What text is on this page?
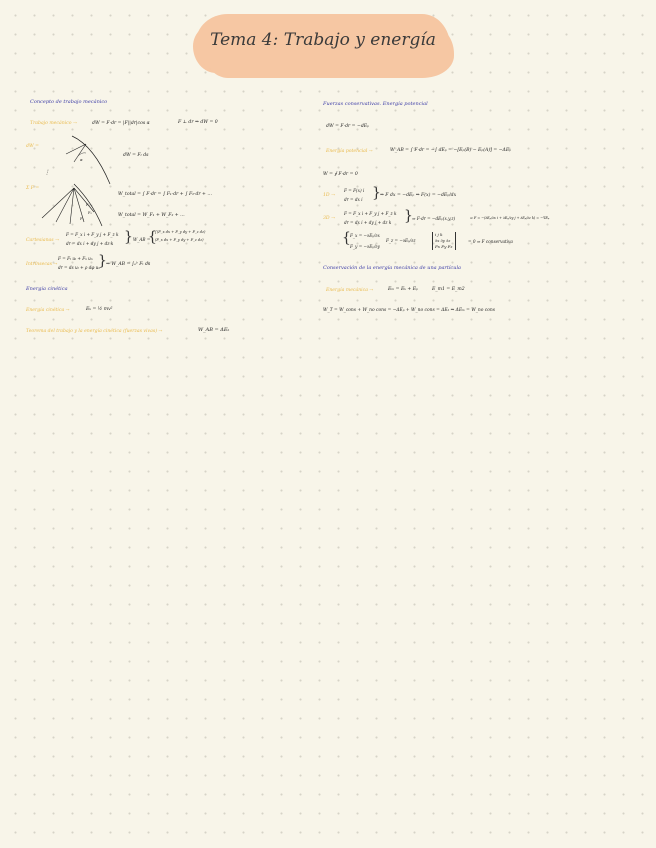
Tema 4: Trabajo y energía
Concepto de trabajo mecánico
Trabajo mecánico →	dW = F·dr = |F||dr|cos α	F ⊥ dr ⇒ dW = 0
dW =
α
dW = Fₜ ds
⋮
Σ F =
F₁
F₂
F₃
W_total = ∫ F·dr = ∫ F₁·dr + ∫ F₂·dr + …
W_total = W_F₁ + W_F₂ + …
Cartesianas →
F = F_x i + F_y j + F_z k
dr = dx i + dy j + dz k } W_AB =
{
∫(F_x dx + F_y dy + F_z dz)
(F_x dx + F_y dy + F_z dz)
Intrínsecas →
F = Fₜ uₜ + Fₙ uₙ
dr = ds uₜ + ρ dφ uₙ
} ⇒ W_AB = ∫ₐᵇ Fₜ ds
Energía cinética
Energía cinética →	Eₖ = ½ mv²
Teorema del trabajo y la energía cinética (fuerzas vivas) →	W_AB = ΔEₖ
Fuerzas conservativas. Energía potencial
dW = F·dr = −dEₚ
Energía potencial →	W_AB = ∫ F·dr = −∫ dEₚ = −[Eₚ(B) − Eₚ(A)] = −ΔEₚ
W = ∮ F·dr = 0
1D →
F = F(x) i
dr = dx i } ⇒ F dx = −dEₚ ⇒ F(x) = −dEₚ/dx
3D →
F = F_x i + F_y j + F_z k
dr = dx i + dy j + dz k } ⇒ F·dr = −dEₚ(x,y,z)	⇒ F = −(∂Eₚ/∂x i + ∂Eₚ/∂y j + ∂Eₚ/∂z k) = −∇Eₚ
{ F_x = −∂Eₚ/∂x
F_y = −∂Eₚ/∂y
F_z = −∂Eₚ/∂z
i j k
∂x ∂y ∂z
Fx Fy Fz
= 0 ⇒ F conservativa
Conservación de la energía mecánica de una partícula
Energía mecánica →	Eₘ = Eₖ + Eₚ	E_m1 = E_m2
W_T = W_cons + W_no cons = −ΔEₚ + W_no cons = ΔEₖ ⇒ ΔEₘ = W_no cons
